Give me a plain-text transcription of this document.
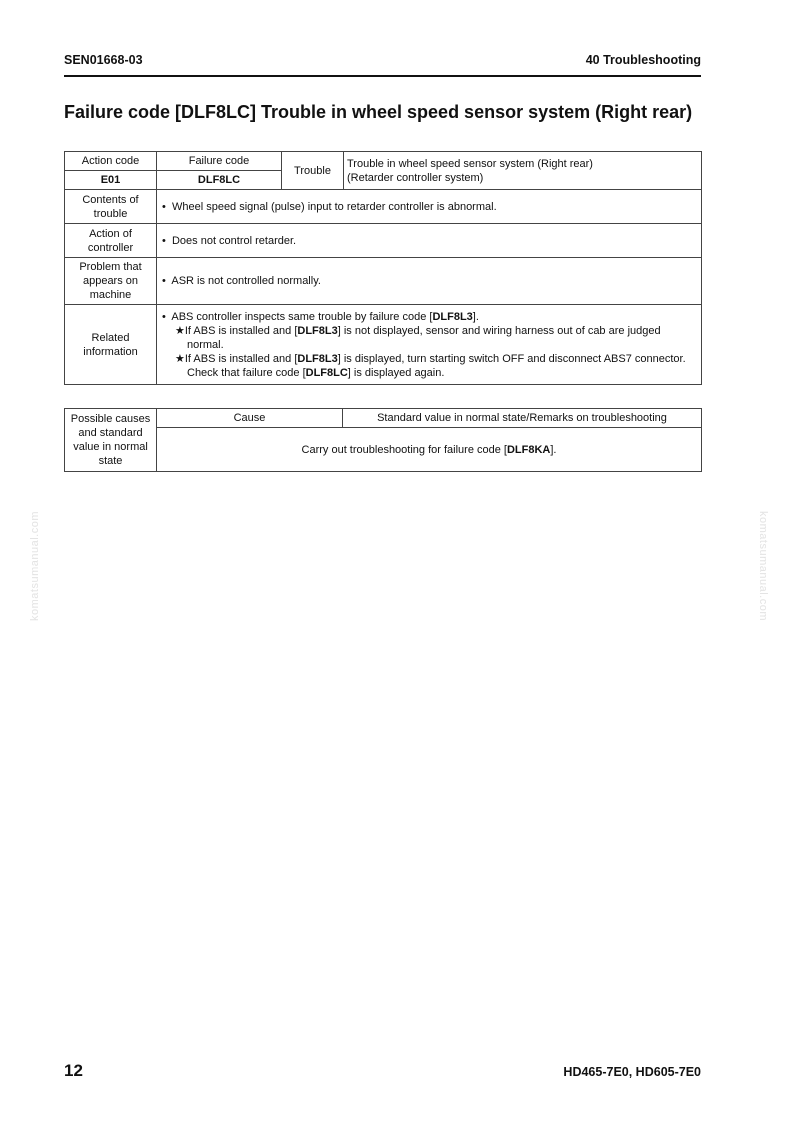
SEN01668-03	40 Troubleshooting
Failure code [DLF8LC] Trouble in wheel speed sensor system (Right rear)
Action code	Failure code	Trouble	Trouble in wheel speed sensor system (Right rear)
(Retarder controller system)

E01	DLF8LC		
Contents of trouble	•  Wheel speed signal (pulse) input to retarder controller is abnormal.		

Action of controller	•  Does not control retarder.		

Problem that appears on machine	•  ASR is not controlled normally.		

Related information	•  ABS controller inspects same trouble by failure code [DLF8L3].
★If ABS is installed and [DLF8L3] is not displayed, sensor and wiring harness out of cab are judged normal.
★If ABS is installed and [DLF8L3] is displayed, turn starting switch OFF and disconnect ABS7 connector. Check that failure code [DLF8LC] is displayed again.		
Possible causes and standard value in normal state	Cause	Standard value in normal state/Remarks on troubleshooting
Carry out troubleshooting for failure code [DLF8KA].
komatsumanual.com	komatsumanual.com
12	HD465-7E0, HD605-7E0
